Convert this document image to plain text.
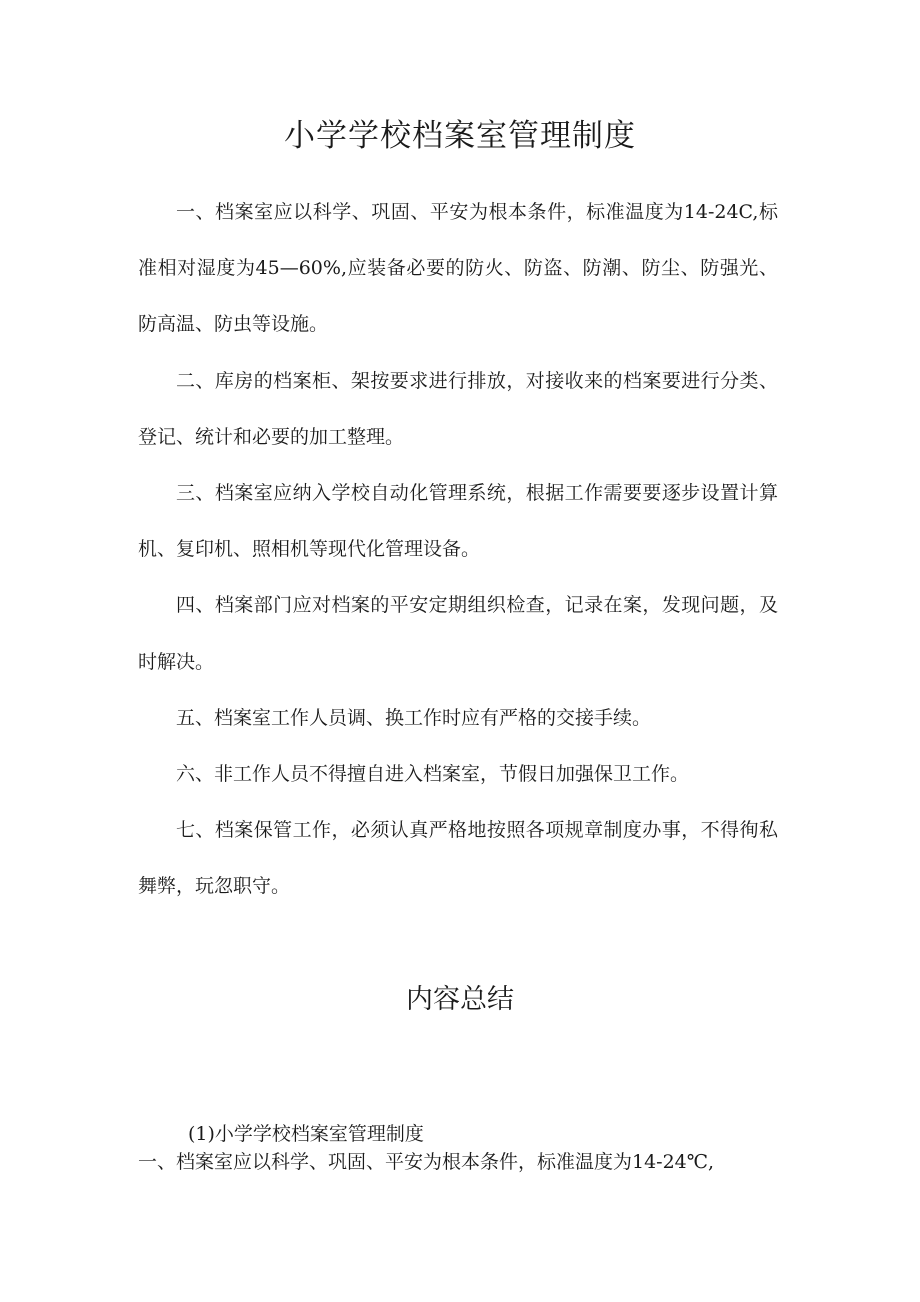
小学学校档案室管理制度

一、档案室应以科学、巩固、平安为根本条件，标准温度为14-24C,标准相对湿度为45—60%,应装备必要的防火、防盗、防潮、防尘、防强光、防高温、防虫等设施。

二、库房的档案柜、架按要求进行排放，对接收来的档案要进行分类、登记、统计和必要的加工整理。

三、档案室应纳入学校自动化管理系统，根据工作需要要逐步设置计算机、复印机、照相机等现代化管理设备。

四、档案部门应对档案的平安定期组织检查，记录在案，发现问题，及时解决。

五、档案室工作人员调、换工作时应有严格的交接手续。

六、非工作人员不得擅自进入档案室，节假日加强保卫工作。

七、档案保管工作，必须认真严格地按照各项规章制度办事，不得徇私舞弊，玩忽职守。

内容总结

(1)小学学校档案室管理制度

一、档案室应以科学、巩固、平安为根本条件，标准温度为14-24℃,
